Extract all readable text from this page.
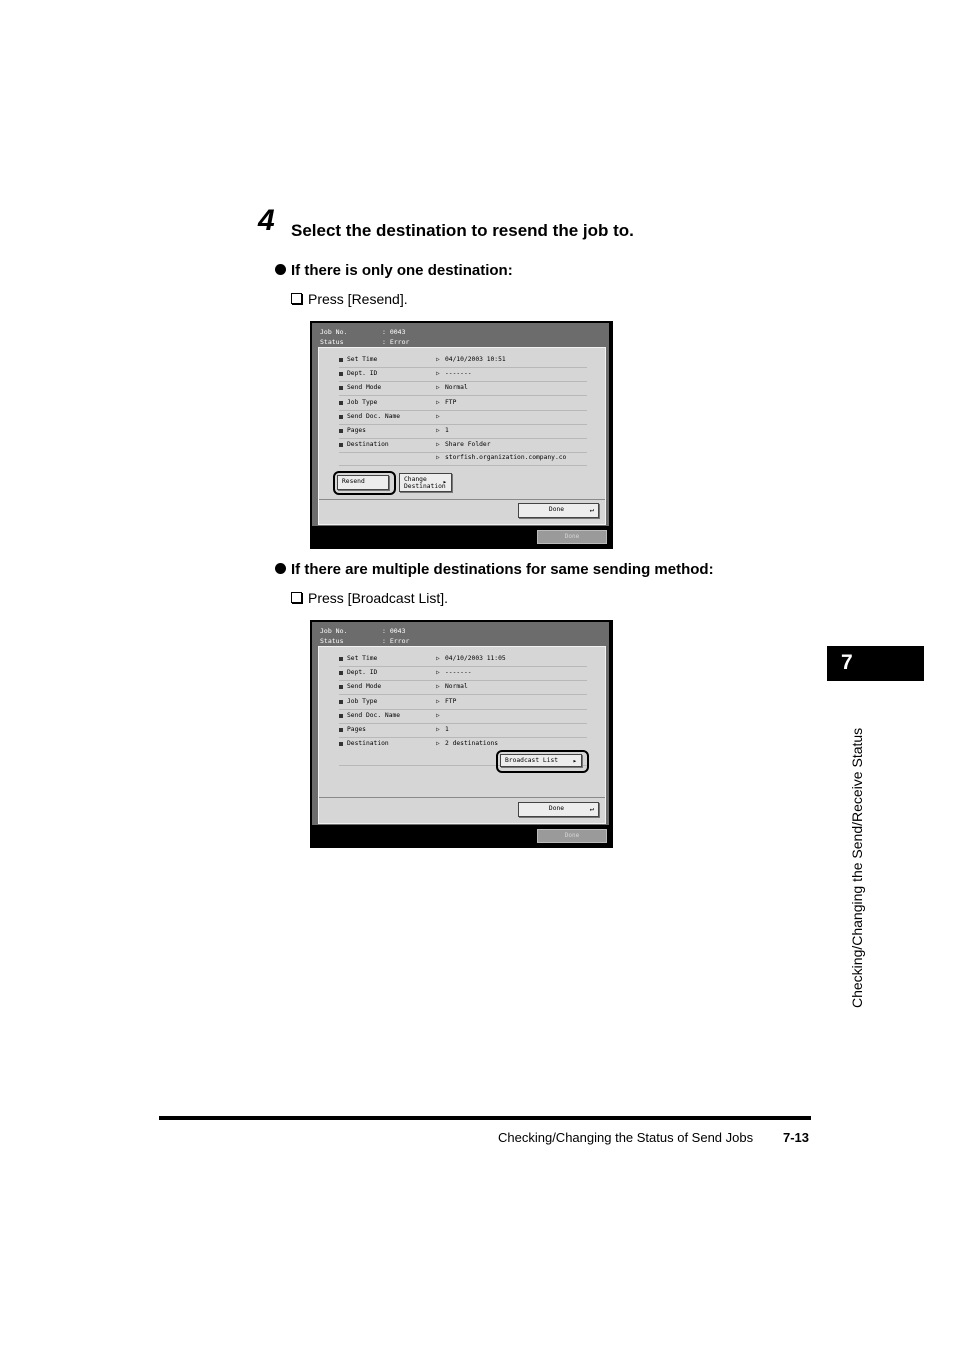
4 Select the destination to resend the job to.
If there is only one destination:
Press [Resend].
Job No.	: 0043
Status	: Error
Set Time	▷ 04/10/2003 10:51
Dept. ID	▷ -------
Send Mode	▷ Normal
Job Type	▷ FTP
Send Doc. Name
Pages	▷ 1
Destination	▷ Share Folder
▷ storfish.organization.company.co
Resend	Change
Destination
▸
Done	↵
Done
If there are multiple destinations for same sending method:
Press [Broadcast List].
Job No.	: 0043
Status	: Error
Set Time	▷ 04/10/2003 11:05
Dept. ID	▷ -------
Send Mode	▷ Normal
Job Type	▷ FTP
Send Doc. Name
Pages	▷ 1
Destination	▷ 2 destinations
Broadcast List ▸
Done	↵
Done
7
Checking/Changing the Send/Receive Status
Checking/Changing the Status of Send Jobs 7-13
